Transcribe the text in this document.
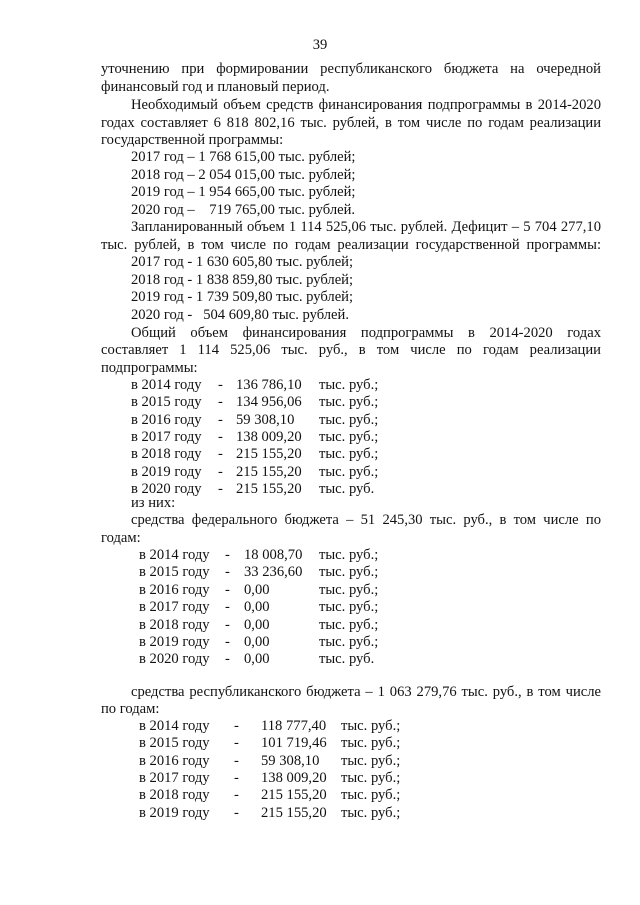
39
уточнению при формировании республиканского бюджета на очередной
финансовый год и плановый период.
Необходимый объем средств финансирования подпрограммы в 2014-2020
годах составляет 6 818 802,16 тыс. рублей, в том числе по годам реализации
государственной программы:
2017 год – 1 768 615,00 тыс. рублей;
2018 год – 2 054 015,00 тыс. рублей;
2019 год – 1 954 665,00 тыс. рублей;
2020 год –    719 765,00 тыс. рублей.
Запланированный объем 1 114 525,06 тыс. рублей. Дефицит – 5 704 277,10
тыс. рублей, в том числе по годам реализации государственной программы:
2017 год - 1 630 605,80 тыс. рублей;
2018 год - 1 838 859,80 тыс. рублей;
2019 год - 1 739 509,80 тыс. рублей;
2020 год -   504 609,80 тыс. рублей.
Общий объем финансирования подпрограммы в 2014-2020 годах
составляет 1 114 525,06 тыс. руб., в том числе по годам реализации
подпрограммы:
в 2014 году - 136 786,10 тыс. руб.;
в 2015 году - 134 956,06 тыс. руб.;
в 2016 году - 59 308,10 тыс. руб.;
в 2017 году - 138 009,20 тыс. руб.;
в 2018 году - 215 155,20 тыс. руб.;
в 2019 году - 215 155,20 тыс. руб.;
в 2020 году - 215 155,20 тыс. руб.
из них:
средства федерального бюджета – 51 245,30 тыс. руб., в том числе по
годам:
в 2014 году - 18 008,70 тыс. руб.;
в 2015 году - 33 236,60 тыс. руб.;
в 2016 году - 0,00	тыс. руб.;
в 2017 году - 0,00	тыс. руб.;
в 2018 году - 0,00	тыс. руб.;
в 2019 году - 0,00	тыс. руб.;
в 2020 году - 0,00	тыс. руб.
средства республиканского бюджета – 1 063 279,76 тыс. руб., в том числе
по годам:
в 2014 году - 118 777,40 тыс. руб.;
в 2015 году - 101 719,46 тыс. руб.;
в 2016 году - 59 308,10 тыс. руб.;
в 2017 году - 138 009,20 тыс. руб.;
в 2018 году - 215 155,20 тыс. руб.;
в 2019 году - 215 155,20 тыс. руб.;
